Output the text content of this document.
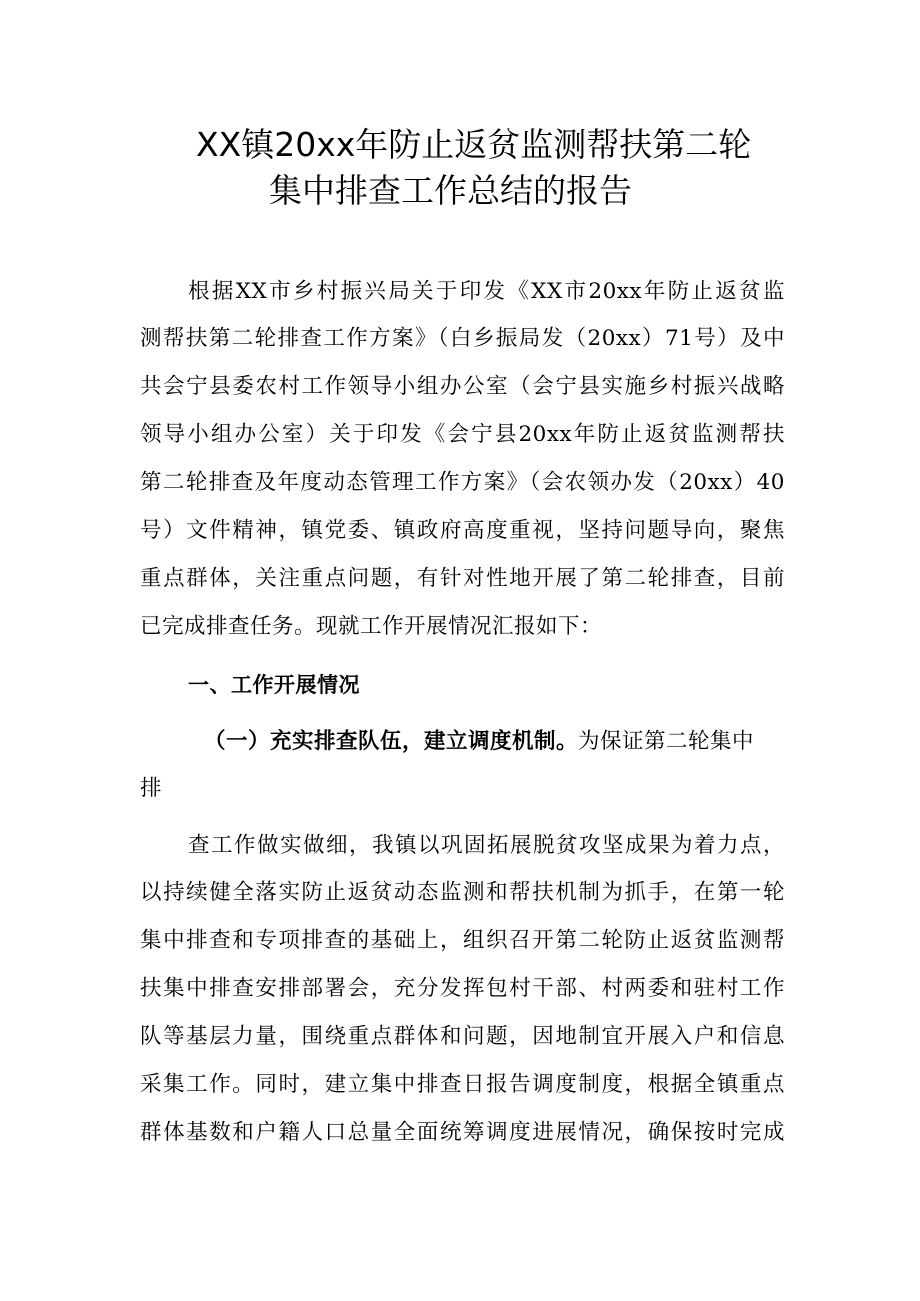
XX镇20xx年防止返贫监测帮扶第二轮
集中排查工作总结的报告
根据XX市乡村振兴局关于印发《XX市20xx年防止返贫监
测帮扶第二轮排查工作方案》（白乡振局发（20xx）71号）及中
共会宁县委农村工作领导小组办公室（会宁县实施乡村振兴战略
领导小组办公室）关于印发《会宁县20xx年防止返贫监测帮扶
第二轮排查及年度动态管理工作方案》（会农领办发（20xx）40
号）文件精神，镇党委、镇政府高度重视，坚持问题导向，聚焦
重点群体，关注重点问题，有针对性地开展了第二轮排查，目前
已完成排查任务。现就工作开展情况汇报如下：
一、工作开展情况
（一）充实排查队伍，建立调度机制。为保证第二轮集中
排
查工作做实做细，我镇以巩固拓展脱贫攻坚成果为着力点，
以持续健全落实防止返贫动态监测和帮扶机制为抓手，在第一轮
集中排查和专项排查的基础上，组织召开第二轮防止返贫监测帮
扶集中排查安排部署会，充分发挥包村干部、村两委和驻村工作
队等基层力量，围绕重点群体和问题，因地制宜开展入户和信息
采集工作。同时，建立集中排查日报告调度制度，根据全镇重点
群体基数和户籍人口总量全面统筹调度进展情况，确保按时完成
